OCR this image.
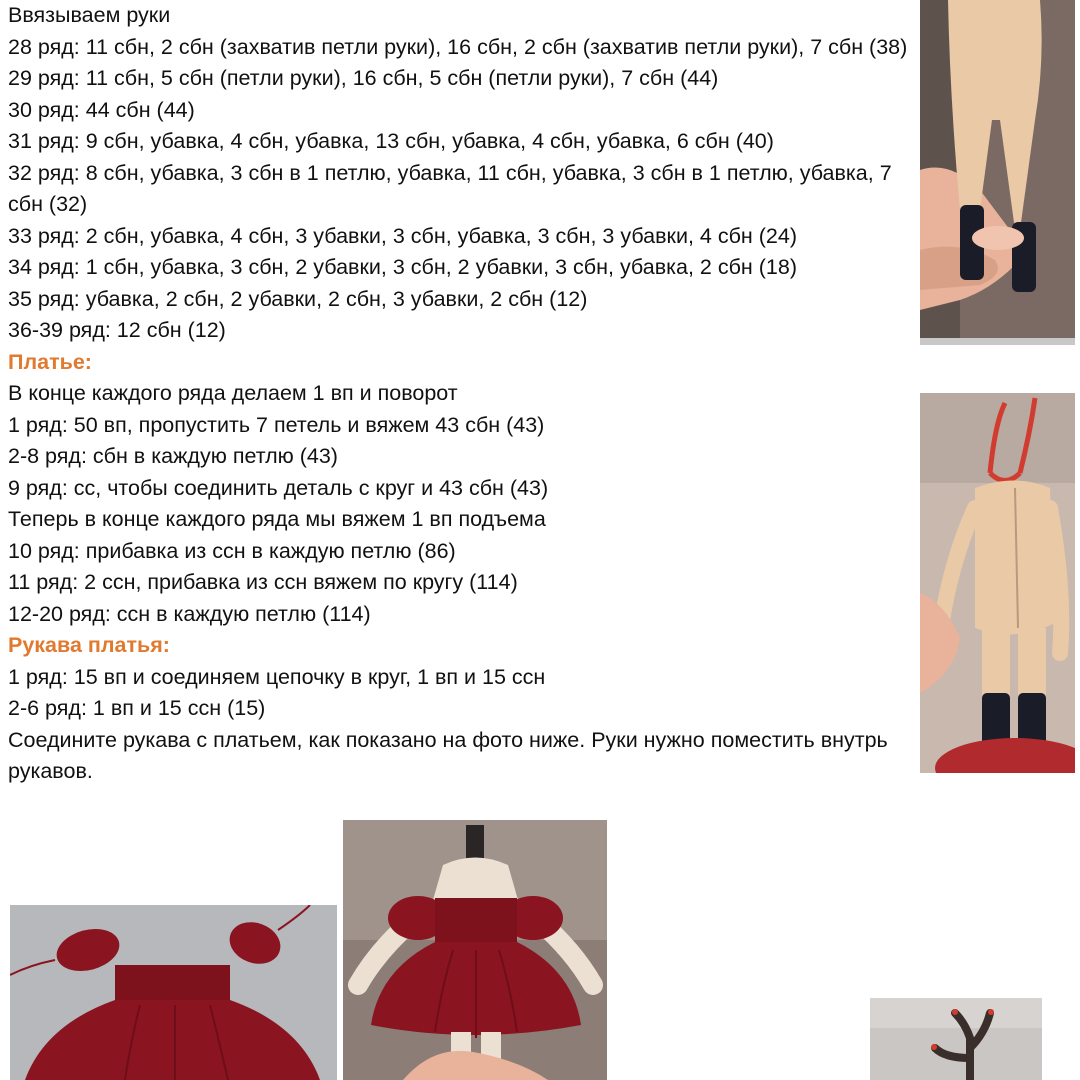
Ввязываем руки

28 ряд: 11 сбн, 2 сбн (захватив петли руки), 16 сбн, 2 сбн (захватив петли руки), 7 сбн (38)

29 ряд: 11 сбн, 5 сбн (петли руки), 16 сбн, 5 сбн (петли руки), 7 сбн (44)

30 ряд: 44 сбн (44)

31 ряд: 9 сбн, убавка, 4 сбн, убавка, 13 сбн, убавка, 4 сбн, убавка, 6 сбн (40)

32 ряд: 8 сбн, убавка, 3 сбн в 1 петлю, убавка, 11 сбн, убавка, 3 сбн в 1 петлю, убавка, 7 сбн (32)

33 ряд: 2 сбн, убавка, 4 сбн, 3 убавки, 3 сбн, убавка, 3 сбн, 3 убавки, 4 сбн (24)

34 ряд: 1 сбн, убавка, 3 сбн, 2 убавки, 3 сбн, 2 убавки, 3 сбн, убавка, 2 сбн (18)

35 ряд: убавка, 2 сбн, 2 убавки, 2 сбн, 3 убавки, 2 сбн (12)

36-39 ряд: 12 сбн (12)

Платье:

В конце каждого ряда делаем 1 вп и поворот

1 ряд: 50 вп, пропустить 7 петель и вяжем 43 сбн (43)

2-8 ряд: сбн в каждую петлю (43)

9 ряд: сс, чтобы соединить деталь с круг и 43 сбн (43)

Теперь в конце каждого ряда мы вяжем 1 вп подъема

10 ряд: прибавка из ссн в каждую петлю (86)

11 ряд: 2 ссн, прибавка из ссн вяжем по кругу (114)

12-20 ряд: ссн в каждую петлю (114)

Рукава платья:

1 ряд: 15 вп и соединяем цепочку в круг, 1 вп и 15 ссн

2-6 ряд: 1 вп и 15 ссн (15)

Соедините рукава с платьем, как показано на фото ниже. Руки нужно поместить внутрь рукавов.
